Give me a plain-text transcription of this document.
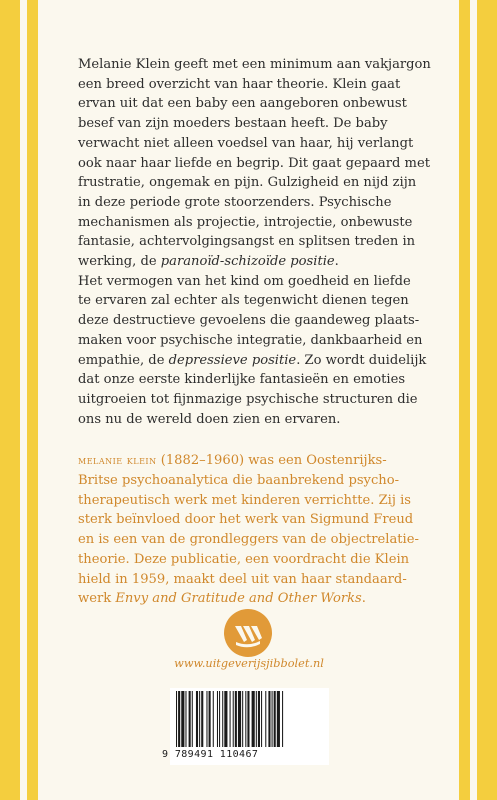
Melanie Klein geeft met een minimum aan vakjargon
een breed overzicht van haar theorie. Klein gaat
ervan uit dat een baby een aangeboren onbewust
besef van zijn moeders bestaan heeft. De baby
verwacht niet alleen voedsel van haar, hij verlangt
ook naar haar liefde en begrip. Dit gaat gepaard met
frustratie, ongemak en pijn. Gulzigheid en nijd zijn
in deze periode grote stoorzenders. Psychische
mechanismen als projectie, introjectie, onbewuste
fantasie, achtervolgingsangst en splitsen treden in
werking, de paranoïd-schizoïde positie.
Het vermogen van het kind om goedheid en liefde
te ervaren zal echter als tegenwicht dienen tegen
deze destructieve gevoelens die gaandeweg plaats-
maken voor psychische integratie, dankbaarheid en
empathie, de depressieve positie. Zo wordt duidelijk
dat onze eerste kinderlijke fantasieën en emoties
uitgroeien tot fijnmazige psychische structuren die
ons nu de wereld doen zien en ervaren.
melanie klein (1882–1960) was een Oostenrijks-
Britse psychoanalytica die baanbrekend psycho-
therapeutisch werk met kinderen verrichtte. Zij is
sterk beïnvloed door het werk van Sigmund Freud
en is een van de grondleggers van de objectrelatie-
theorie. Deze publicatie, een voordracht die Klein
hield in 1959, maakt deel uit van haar standaard-
werk Envy and Gratitude and Other Works.
www.uitgeverijsjibbolet.nl
9 789491 110467
